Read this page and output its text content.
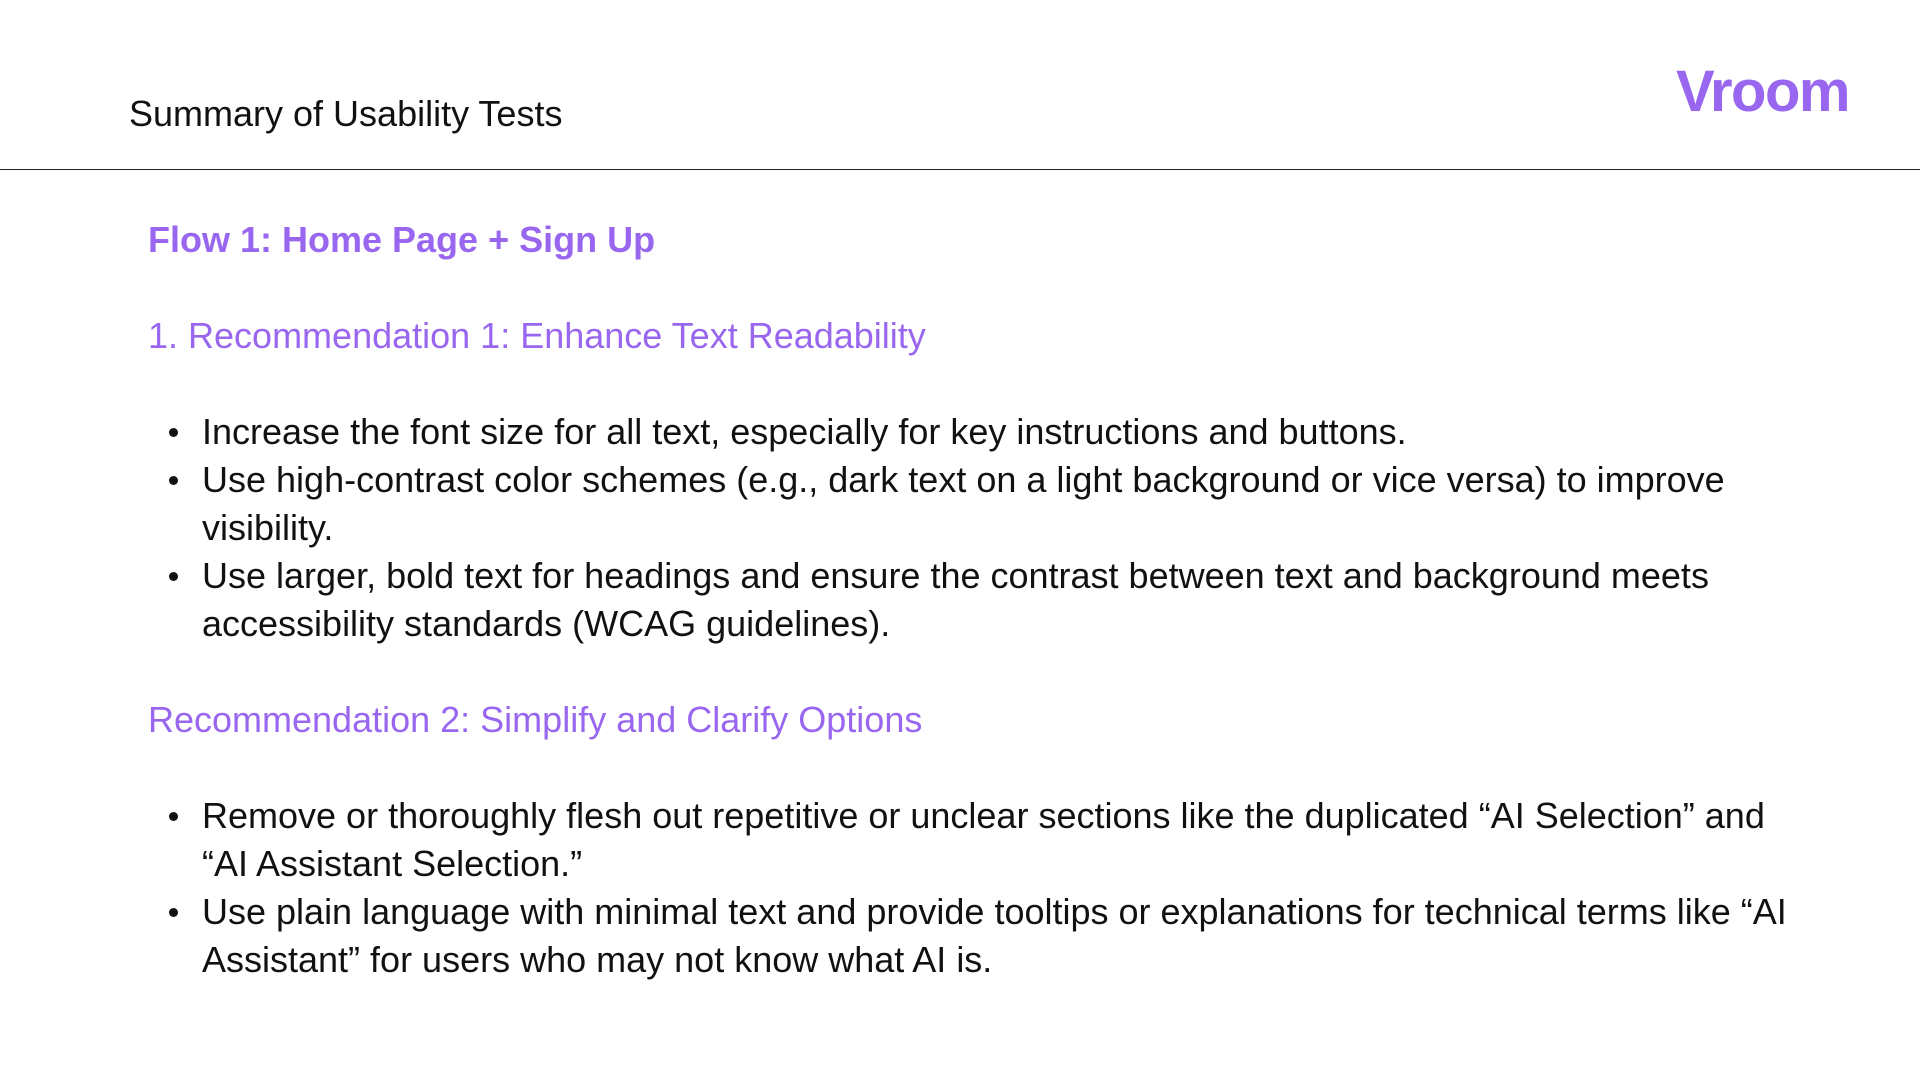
Summary of Usability Tests	Vroom
Flow 1: Home Page + Sign Up
1. Recommendation 1: Enhance Text Readability
Increase the font size for all text, especially for key instructions and buttons.
Use high-contrast color schemes (e.g., dark text on a light background or vice versa) to improve visibility.
Use larger, bold text for headings and ensure the contrast between text and background meets accessibility standards (WCAG guidelines).
Recommendation 2: Simplify and Clarify Options
Remove or thoroughly flesh out repetitive or unclear sections like the duplicated “AI Selection” and “AI Assistant Selection.”
Use plain language with minimal text and provide tooltips or explanations for technical terms like “AI Assistant” for users who may not know what AI is.
